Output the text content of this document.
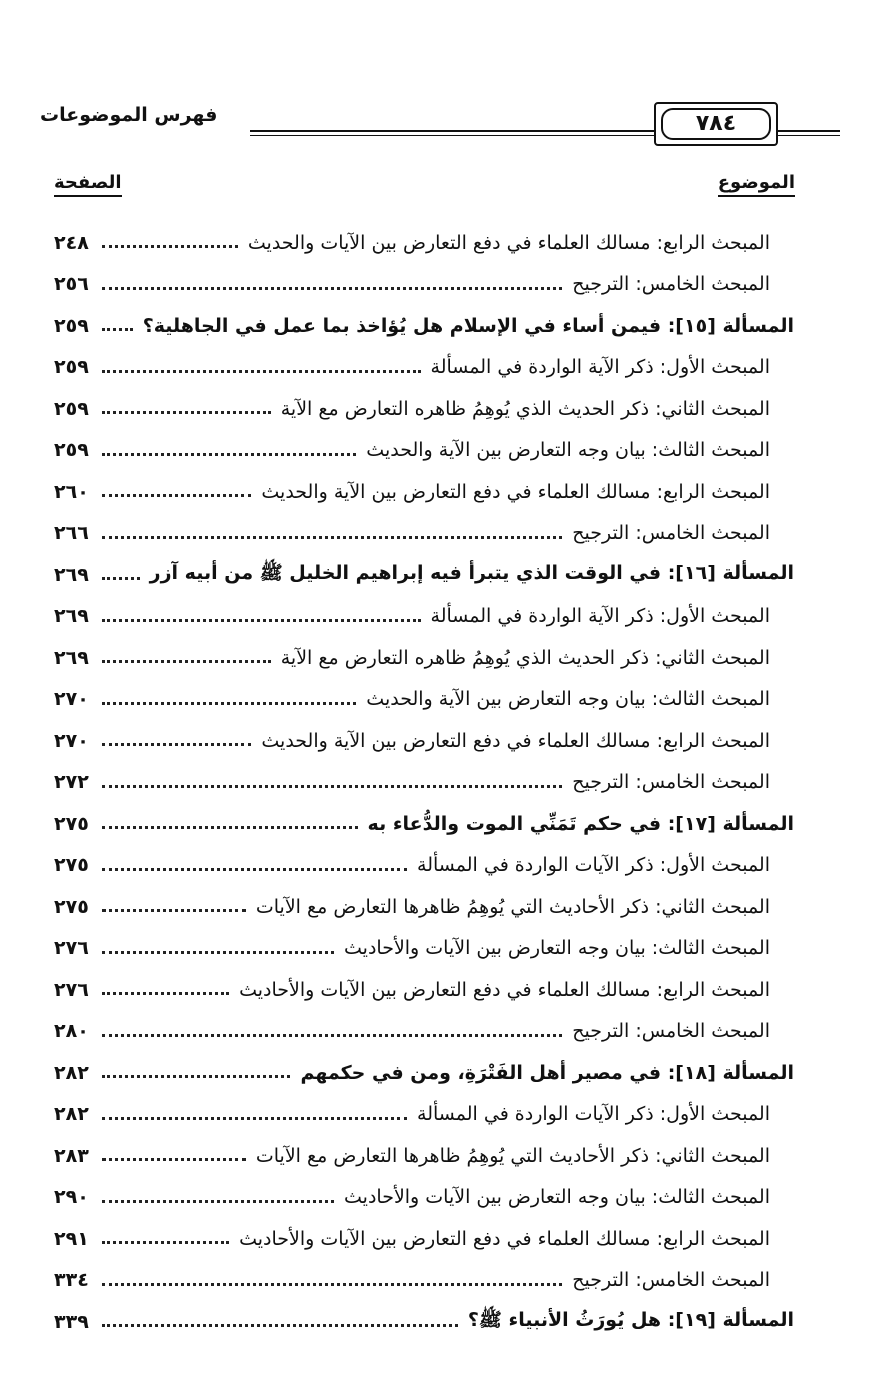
فهرس الموضوعات	٧٨٤
الموضوع
الصفحة
المبحث الرابع: مسالك العلماء في دفع التعارض بين الآيات والحديث
٢٤٨
المبحث الخامس: الترجيح
٢٥٦
المسألة [١٥]: فيمن أساء في الإسلام هل يُؤاخذ بما عمل في الجاهلية؟
٢٥٩
المبحث الأول: ذكر الآية الواردة في المسألة
٢٥٩
المبحث الثاني: ذكر الحديث الذي يُوهِمُ ظاهره التعارض مع الآية
٢٥٩
المبحث الثالث: بيان وجه التعارض بين الآية والحديث
٢٥٩
المبحث الرابع: مسالك العلماء في دفع التعارض بين الآية والحديث
٢٦٠
المبحث الخامس: الترجيح
٢٦٦
المسألة [١٦]: في الوقت الذي يتبرأ فيه إبراهيم الخليل ﷺ من أبيه آزر
٢٦٩
المبحث الأول: ذكر الآية الواردة في المسألة
٢٦٩
المبحث الثاني: ذكر الحديث الذي يُوهِمُ ظاهره التعارض مع الآية
٢٦٩
المبحث الثالث: بيان وجه التعارض بين الآية والحديث
٢٧٠
المبحث الرابع: مسالك العلماء في دفع التعارض بين الآية والحديث
٢٧٠
المبحث الخامس: الترجيح
٢٧٢
المسألة [١٧]: في حكم تَمَنِّي الموت والدُّعاء به
٢٧٥
المبحث الأول: ذكر الآيات الواردة في المسألة
٢٧٥
المبحث الثاني: ذكر الأحاديث التي يُوهِمُ ظاهرها التعارض مع الآيات
٢٧٥
المبحث الثالث: بيان وجه التعارض بين الآيات والأحاديث
٢٧٦
المبحث الرابع: مسالك العلماء في دفع التعارض بين الآيات والأحاديث
٢٧٦
المبحث الخامس: الترجيح
٢٨٠
المسألة [١٨]: في مصير أهل الفَتْرَةِ، ومن في حكمهم
٢٨٢
المبحث الأول: ذكر الآيات الواردة في المسألة
٢٨٢
المبحث الثاني: ذكر الأحاديث التي يُوهِمُ ظاهرها التعارض مع الآيات
٢٨٣
المبحث الثالث: بيان وجه التعارض بين الآيات والأحاديث
٢٩٠
المبحث الرابع: مسالك العلماء في دفع التعارض بين الآيات والأحاديث
٢٩١
المبحث الخامس: الترجيح
٣٣٤
المسألة [١٩]: هل يُورَثُ الأنبياء ﷺ؟
٣٣٩
